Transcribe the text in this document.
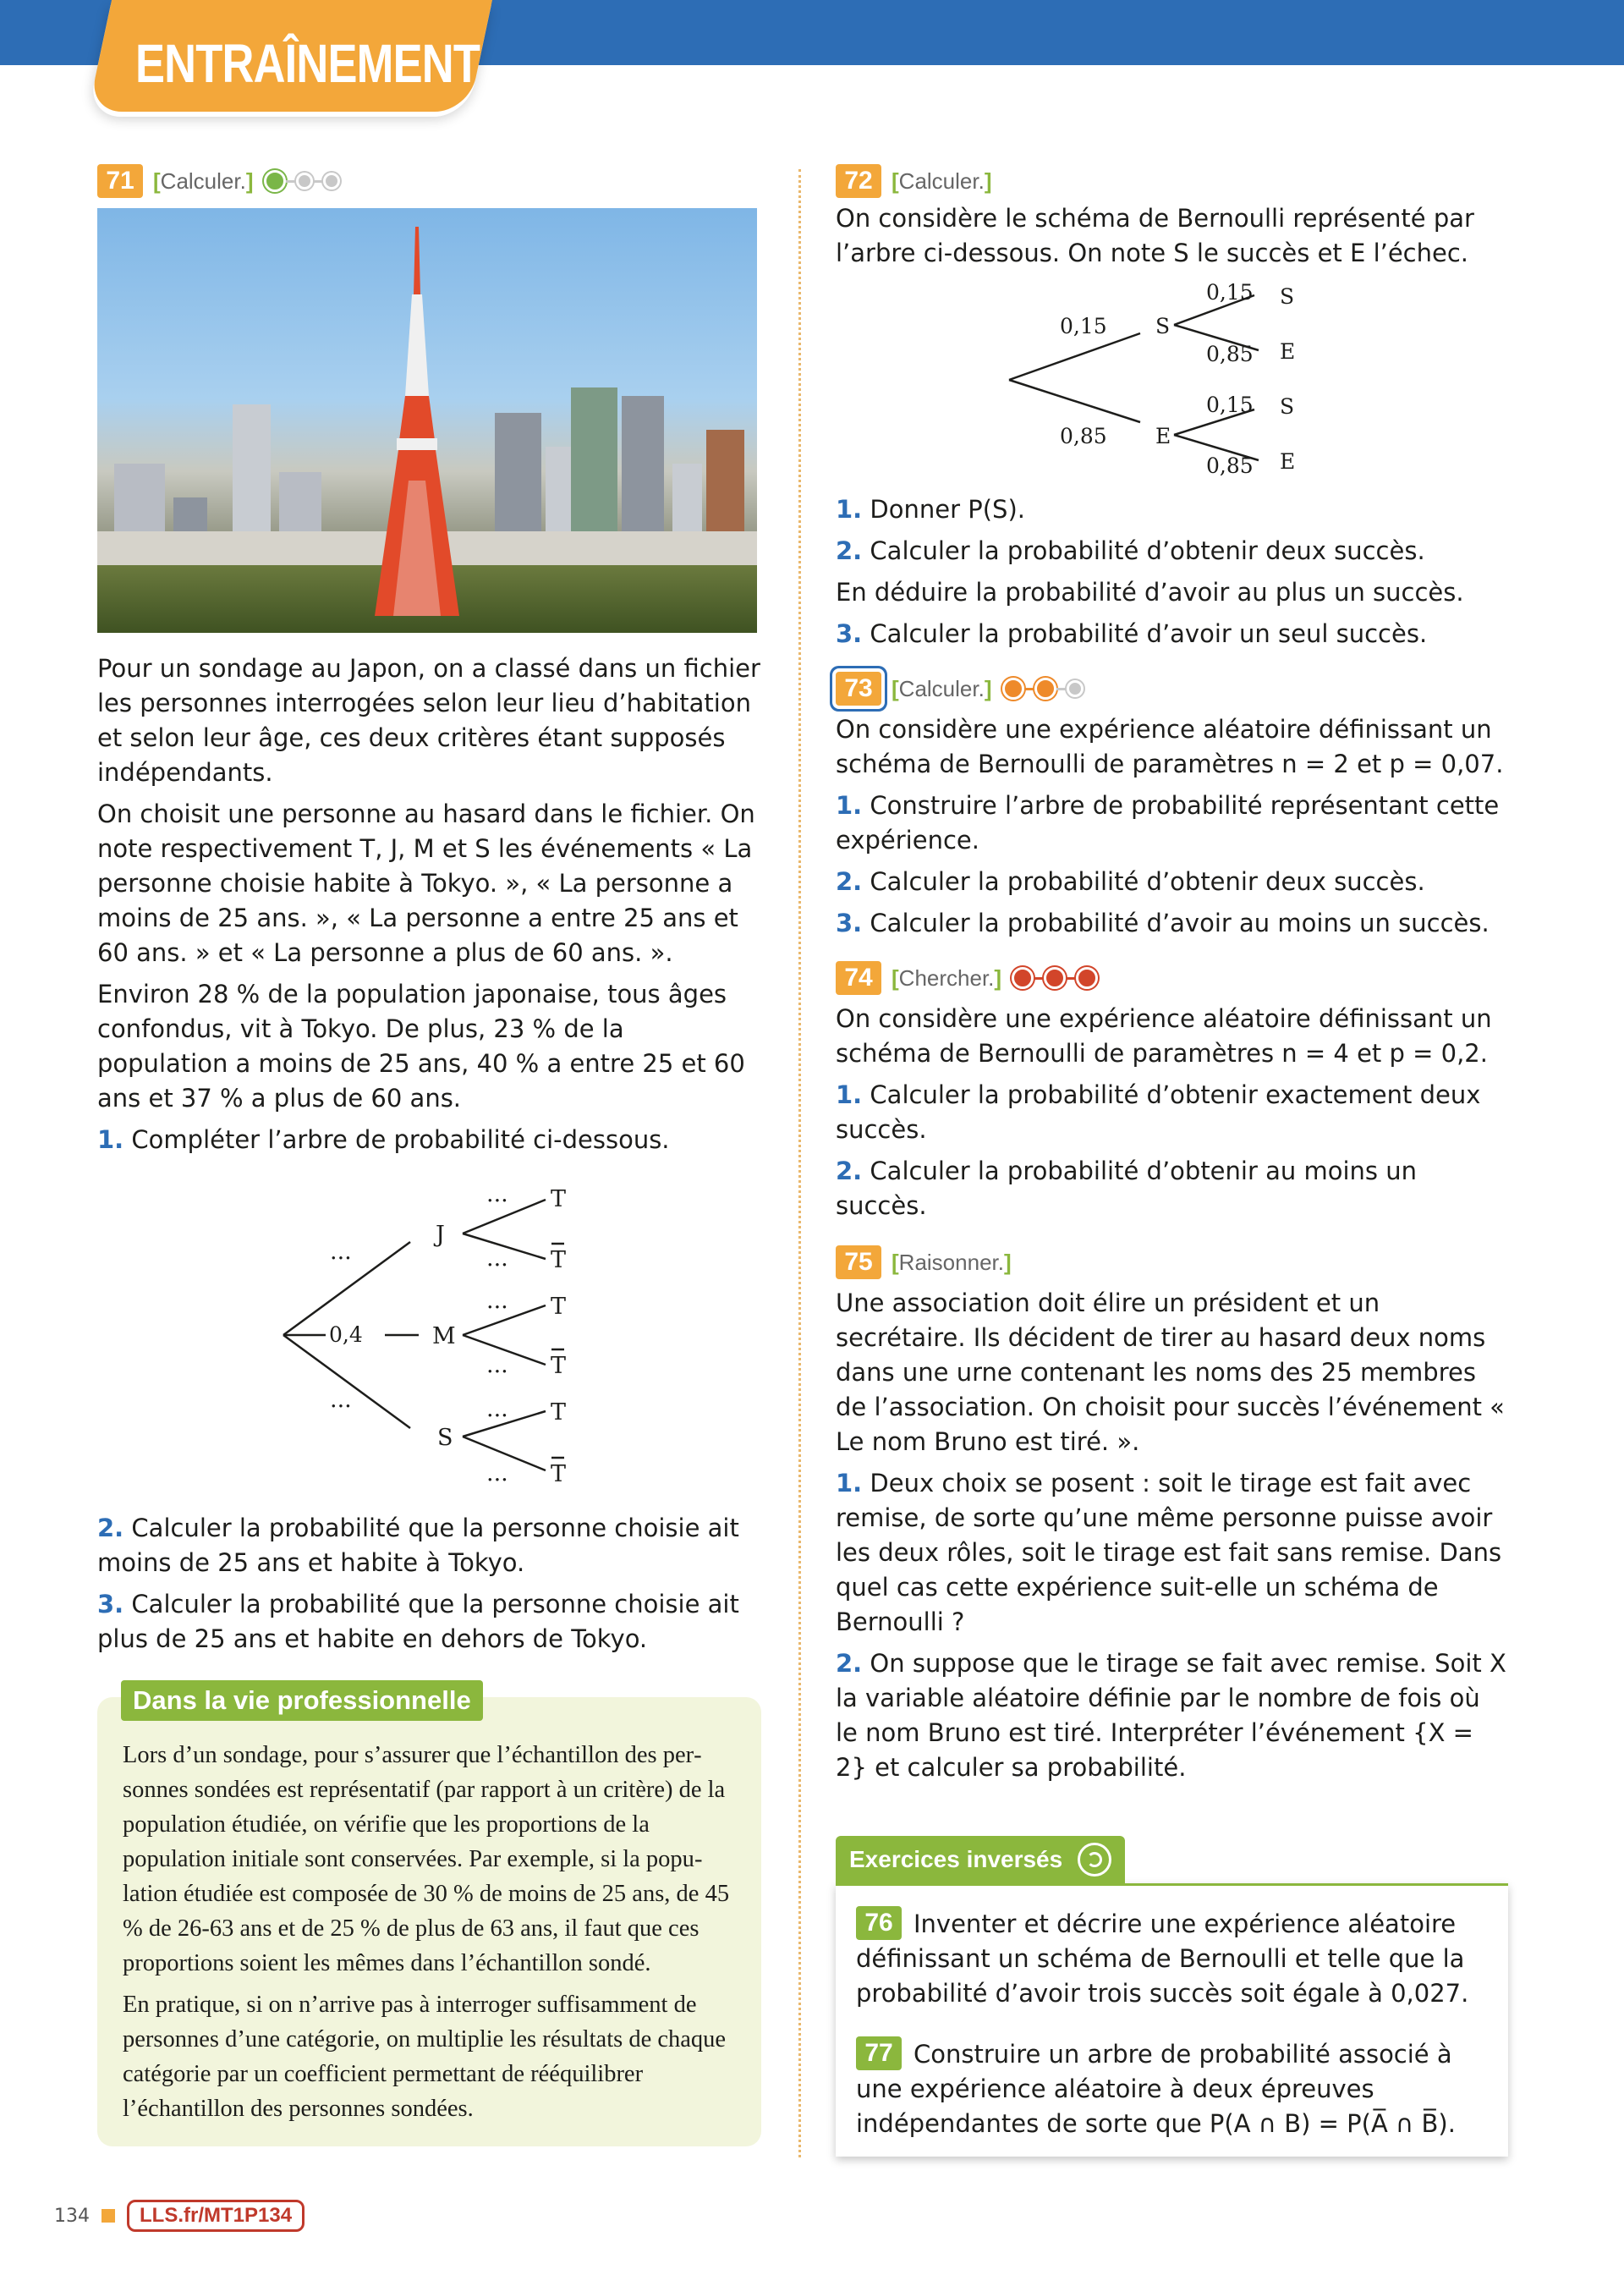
ENTRAÎNEMENT
71 [Calculer.]

Pour un sondage au Japon, on a classé dans un fichier les personnes interrogées selon leur lieu d’habitation et selon leur âge, ces deux critères étant supposés indépendants.

On choisit une personne au hasard dans le fichier. On note respectivement T, J, M et S les événements « La personne choisie habite à Tokyo. », « La personne a moins de 25 ans. », « La personne a entre 25 ans et 60 ans. » et « La personne a plus de 60 ans. ».

Environ 28 % de la population japonaise, tous âges confondus, vit à Tokyo. De plus, 23 % de la population a moins de 25 ans, 40 % a entre 25 et 60 ans et 37 % a plus de 60 ans.

1. Compléter l’arbre de probabilité ci-dessous.

...
0,4
...
J
M
S
...
...
...
...
...
...
T
T
T
T
T
T

2. Calculer la probabilité que la personne choisie ait moins de 25 ans et habite à Tokyo.

3. Calculer la probabilité que la personne choisie ait plus de 25 ans et habite en dehors de Tokyo.

Dans la vie professionnelle

Lors d’un sondage, pour s’assurer que l’échantillon des personnes sondées est représentatif (par rapport à un critère) de la population étudiée, on vérifie que les proportions de la population initiale sont conservées. Par exemple, si la population étudiée est composée de 30 % de moins de 25 ans, de 45 % de 26-63 ans et de 25 % de plus de 63 ans, il faut que ces proportions soient les mêmes dans l’échantillon sondé.

En pratique, si on n’arrive pas à interroger suffisamment de personnes d’une catégorie, on multiplie les résultats de chaque catégorie par un coefficient permettant de rééquilibrer l’échantillon des personnes sondées.

72 [Calculer.]

On considère le schéma de Bernoulli représenté par l’arbre ci-dessous. On note S le succès et E l’échec.

0,15
0,85
S
E
0,15
0,85
0,15
0,85
S
E
S
E

1. Donner P(S).

2. Calculer la probabilité d’obtenir deux succès.

En déduire la probabilité d’avoir au plus un succès.

3. Calculer la probabilité d’avoir un seul succès.

73 [Calculer.]

On considère une expérience aléatoire définissant un schéma de Bernoulli de paramètres n = 2 et p = 0,07.

1. Construire l’arbre de probabilité représentant cette expérience.

2. Calculer la probabilité d’obtenir deux succès.

3. Calculer la probabilité d’avoir au moins un succès.

74 [Chercher.]

On considère une expérience aléatoire définissant un schéma de Bernoulli de paramètres n = 4 et p = 0,2.

1. Calculer la probabilité d’obtenir exactement deux succès.

2. Calculer la probabilité d’obtenir au moins un succès.

75 [Raisonner.]

Une association doit élire un président et un secrétaire. Ils décident de tirer au hasard deux noms dans une urne contenant les noms des 25 membres de l’association. On choisit pour succès l’événement « Le nom Bruno est tiré. ».

1. Deux choix se posent : soit le tirage est fait avec remise, de sorte qu’une même personne puisse avoir les deux rôles, soit le tirage est fait sans remise. Dans quel cas cette expérience suit-elle un schéma de Bernoulli ?

2. On suppose que le tirage se fait avec remise. Soit X la variable aléatoire définie par le nombre de fois où le nom Bruno est tiré. Interpréter l’événement {X = 2} et calculer sa probabilité.

Exercices inversés

76 Inventer et décrire une expérience aléatoire définissant un schéma de Bernoulli et telle que la probabilité d’avoir trois succès soit égale à 0,027.

77 Construire un arbre de probabilité associé à une expérience aléatoire à deux épreuves indépendantes de sorte que P(A ∩ B) = P(A̅ ∩ B̅).

134	LLS.fr/MT1P134
